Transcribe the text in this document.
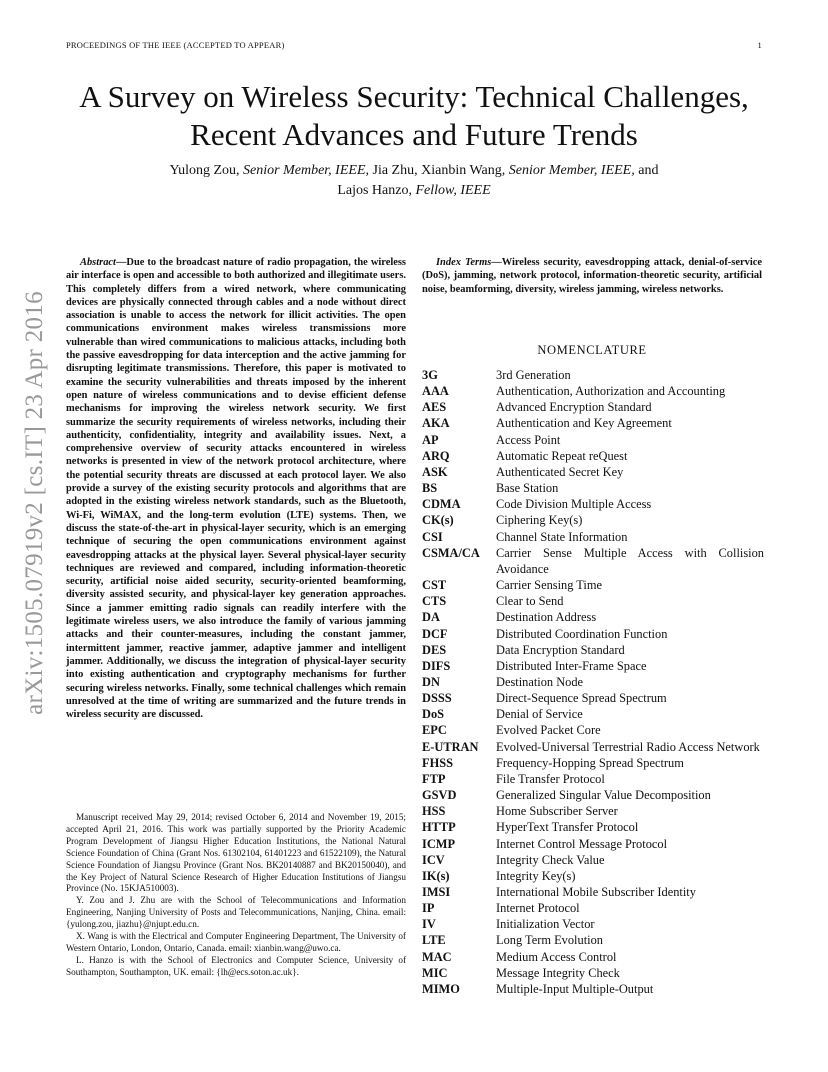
PROCEEDINGS OF THE IEEE (ACCEPTED TO APPEAR)	1
A Survey on Wireless Security: Technical Challenges, Recent Advances and Future Trends
Yulong Zou, Senior Member, IEEE, Jia Zhu, Xianbin Wang, Senior Member, IEEE, and
Lajos Hanzo, Fellow, IEEE
arXiv:1505.07919v2 [cs.IT] 23 Apr 2016

Abstract—Due to the broadcast nature of radio propagation, the wireless air interface is open and accessible to both authorized and illegitimate users. This completely differs from a wired network, where communicating devices are physically connected through cables and a node without direct association is unable to access the network for illicit activities. The open communications environment makes wireless transmissions more vulnerable than wired communications to malicious attacks, including both the passive eavesdropping for data interception and the active jamming for disrupting legitimate transmissions. Therefore, this paper is motivated to examine the security vulnerabilities and threats imposed by the inherent open nature of wireless communications and to devise efficient defense mechanisms for improving the wireless network security. We first summarize the security requirements of wireless networks, including their authenticity, confidentiality, integrity and availability issues. Next, a comprehensive overview of security attacks encountered in wireless networks is presented in view of the network protocol architecture, where the potential security threats are discussed at each protocol layer. We also provide a survey of the existing security protocols and algorithms that are adopted in the existing wireless network standards, such as the Bluetooth, Wi-Fi, WiMAX, and the long-term evolution (LTE) systems. Then, we discuss the state-of-the-art in physical-layer security, which is an emerging technique of securing the open communications environment against eavesdropping attacks at the physical layer. Several physical-layer security techniques are reviewed and compared, including information-theoretic security, artificial noise aided security, security-oriented beamforming, diversity assisted security, and physical-layer key generation approaches. Since a jammer emitting radio signals can readily interfere with the legitimate wireless users, we also introduce the family of various jamming attacks and their counter-measures, including the constant jammer, intermittent jammer, reactive jammer, adaptive jammer and intelligent jammer. Additionally, we discuss the integration of physical-layer security into existing authentication and cryptography mechanisms for further securing wireless networks. Finally, some technical challenges which remain unresolved at the time of writing are summarized and the future trends in wireless security are discussed.

Manuscript received May 29, 2014; revised October 6, 2014 and November 19, 2015; accepted April 21, 2016. This work was partially supported by the Priority Academic Program Development of Jiangsu Higher Education Institutions, the National Natural Science Foundation of China (Grant Nos. 61302104, 61401223 and 61522109), the Natural Science Foundation of Jiangsu Province (Grant Nos. BK20140887 and BK20150040), and the Key Project of Natural Science Research of Higher Education Institutions of Jiangsu Province (No. 15KJA510003).

Y. Zou and J. Zhu are with the School of Telecommunications and Information Engineering, Nanjing University of Posts and Telecommunications, Nanjing, China. email: {yulong.zou, jiazhu}@njupt.edu.cn.

X. Wang is with the Electrical and Computer Engineering Department, The University of Western Ontario, London, Ontario, Canada. email: xianbin.wang@uwo.ca.

L. Hanzo is with the School of Electronics and Computer Science, University of Southampton, Southampton, UK. email: {lh@ecs.soton.ac.uk}.

Index Terms—Wireless security, eavesdropping attack, denial-of-service (DoS), jamming, network protocol, information-theoretic security, artificial noise, beamforming, diversity, wireless jamming, wireless networks.

NOMENCLATURE
3G	3rd Generation
AAA	Authentication, Authorization and Accounting
AES	Advanced Encryption Standard
AKA	Authentication and Key Agreement
AP	Access Point
ARQ	Automatic Repeat reQuest
ASK	Authenticated Secret Key
BS	Base Station
CDMA	Code Division Multiple Access
CK(s)	Ciphering Key(s)
CSI	Channel State Information
CSMA/CA	Carrier Sense Multiple Access with Collision Avoidance
CST	Carrier Sensing Time
CTS	Clear to Send
DA	Destination Address
DCF	Distributed Coordination Function
DES	Data Encryption Standard
DIFS	Distributed Inter-Frame Space
DN	Destination Node
DSSS	Direct-Sequence Spread Spectrum
DoS	Denial of Service
EPC	Evolved Packet Core
E-UTRAN	Evolved-Universal Terrestrial Radio Access Network
FHSS	Frequency-Hopping Spread Spectrum
FTP	File Transfer Protocol
GSVD	Generalized Singular Value Decomposition
HSS	Home Subscriber Server
HTTP	HyperText Transfer Protocol
ICMP	Internet Control Message Protocol
ICV	Integrity Check Value
IK(s)	Integrity Key(s)
IMSI	International Mobile Subscriber Identity
IP	Internet Protocol
IV	Initialization Vector
LTE	Long Term Evolution
MAC	Medium Access Control
MIC	Message Integrity Check
MIMO	Multiple-Input Multiple-Output
